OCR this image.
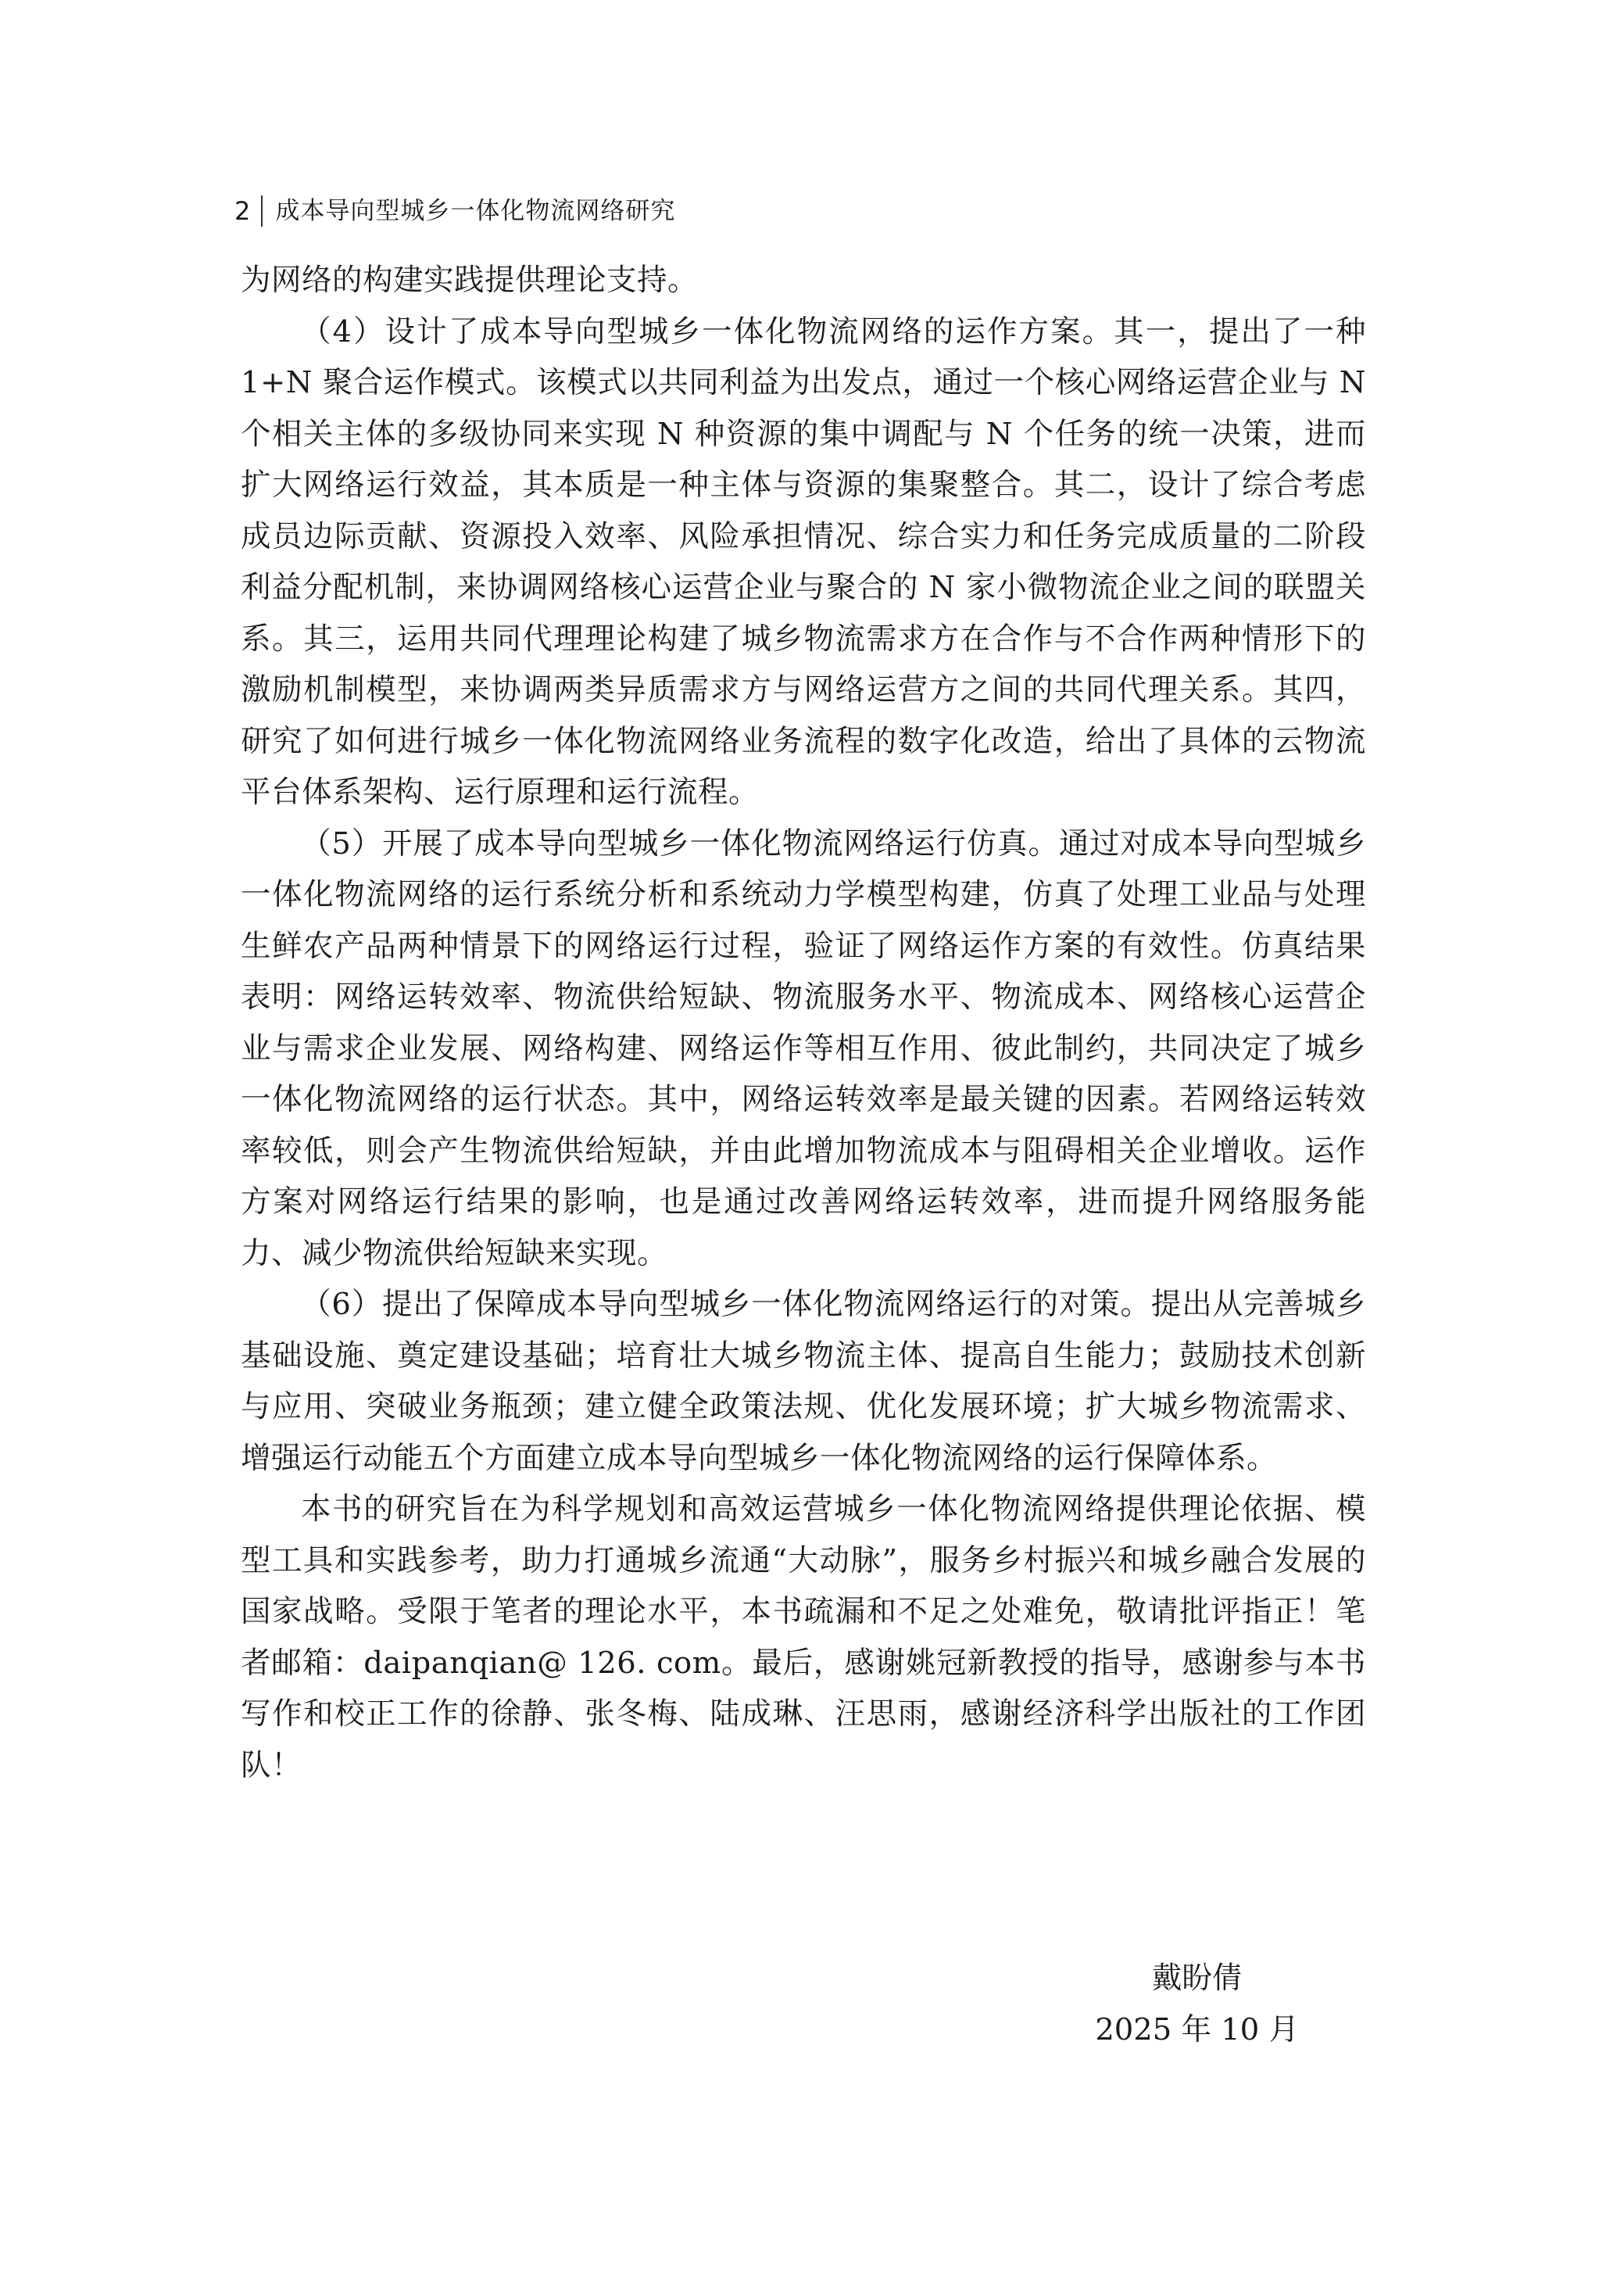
2	成本导向型城乡一体化物流网络研究

为网络的构建实践提供理论支持。

（4）设计了成本导向型城乡一体化物流网络的运作方案。其一，提出了一种 1+N 聚合运作模式。该模式以共同利益为出发点，通过一个核心网络运营企业与 N 个相关主体的多级协同来实现 N 种资源的集中调配与 N 个任务的统一决策，进而扩大网络运行效益，其本质是一种主体与资源的集聚整合。其二，设计了综合考虑成员边际贡献、资源投入效率、风险承担情况、综合实力和任务完成质量的二阶段利益分配机制，来协调网络核心运营企业与聚合的 N 家小微物流企业之间的联盟关系。其三，运用共同代理理论构建了城乡物流需求方在合作与不合作两种情形下的激励机制模型，来协调两类异质需求方与网络运营方之间的共同代理关系。其四，研究了如何进行城乡一体化物流网络业务流程的数字化改造，给出了具体的云物流平台体系架构、运行原理和运行流程。

（5）开展了成本导向型城乡一体化物流网络运行仿真。通过对成本导向型城乡一体化物流网络的运行系统分析和系统动力学模型构建，仿真了处理工业品与处理生鲜农产品两种情景下的网络运行过程，验证了网络运作方案的有效性。仿真结果表明：网络运转效率、物流供给短缺、物流服务水平、物流成本、网络核心运营企业与需求企业发展、网络构建、网络运作等相互作用、彼此制约，共同决定了城乡一体化物流网络的运行状态。其中，网络运转效率是最关键的因素。若网络运转效率较低，则会产生物流供给短缺，并由此增加物流成本与阻碍相关企业增收。运作方案对网络运行结果的影响，也是通过改善网络运转效率，进而提升网络服务能力、减少物流供给短缺来实现。

（6）提出了保障成本导向型城乡一体化物流网络运行的对策。提出从完善城乡基础设施、奠定建设基础；培育壮大城乡物流主体、提高自生能力；鼓励技术创新与应用、突破业务瓶颈；建立健全政策法规、优化发展环境；扩大城乡物流需求、增强运行动能五个方面建立成本导向型城乡一体化物流网络的运行保障体系。

本书的研究旨在为科学规划和高效运营城乡一体化物流网络提供理论依据、模型工具和实践参考，助力打通城乡流通“大动脉”，服务乡村振兴和城乡融合发展的国家战略。受限于笔者的理论水平，本书疏漏和不足之处难免，敬请批评指正！笔者邮箱：daipanqian@ 126. com。最后，感谢姚冠新教授的指导，感谢参与本书写作和校正工作的徐静、张冬梅、陆成琳、汪思雨，感谢经济科学出版社的工作团队！

戴盼倩
2025 年 10 月
